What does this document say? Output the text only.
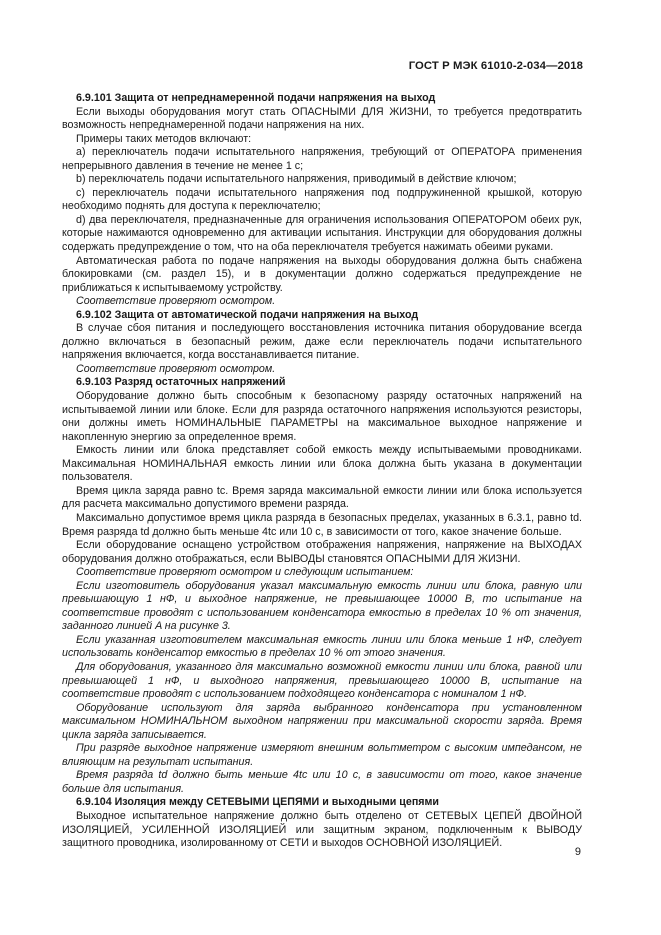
ГОСТ Р МЭК 61010-2-034—2018

6.9.101 Защита от непреднамеренной подачи напряжения на выход

Если выходы оборудования могут стать ОПАСНЫМИ ДЛЯ ЖИЗНИ, то требуется предотвратить возможность непреднамеренной подачи напряжения на них.

Примеры таких методов включают:

а) переключатель подачи испытательного напряжения, требующий от ОПЕРАТОРА применения непрерывного давления в течение не менее 1 с;

b) переключатель подачи испытательного напряжения, приводимый в действие ключом;

с) переключатель подачи испытательного напряжения под подпружиненной крышкой, которую необходимо поднять для доступа к переключателю;

d) два переключателя, предназначенные для ограничения использования ОПЕРАТОРОМ обеих рук, которые нажимаются одновременно для активации испытания. Инструкции для оборудования должны содержать предупреждение о том, что на оба переключателя требуется нажимать обеими руками.

Автоматическая работа по подаче напряжения на выходы оборудования должна быть снабжена блокировками (см. раздел 15), и в документации должно содержаться предупреждение не приближаться к испытываемому устройству.

Соответствие проверяют осмотром.

6.9.102 Защита от автоматической подачи напряжения на выход

В случае сбоя питания и последующего восстановления источника питания оборудование всегда должно включаться в безопасный режим, даже если переключатель подачи испытательного напряжения включается, когда восстанавливается питание.

Соответствие проверяют осмотром.

6.9.103 Разряд остаточных напряжений

Оборудование должно быть способным к безопасному разряду остаточных напряжений на испытываемой линии или блоке. Если для разряда остаточного напряжения используются резисторы, они должны иметь НОМИНАЛЬНЫЕ ПАРАМЕТРЫ на максимальное выходное напряжение и накопленную энергию за определенное время.

Емкость линии или блока представляет собой емкость между испытываемыми проводниками. Максимальная НОМИНАЛЬНАЯ емкость линии или блока должна быть указана в документации пользователя.

Время цикла заряда равно tc. Время заряда максимальной емкости линии или блока используется для расчета максимально допустимого времени разряда.

Максимально допустимое время цикла разряда в безопасных пределах, указанных в 6.3.1, равно td. Время разряда td должно быть меньше 4tc или 10 с, в зависимости от того, какое значение больше.

Если оборудование оснащено устройством отображения напряжения, напряжение на ВЫХОДАХ оборудования должно отображаться, если ВЫВОДЫ становятся ОПАСНЫМИ ДЛЯ ЖИЗНИ.

Соответствие проверяют осмотром и следующим испытанием:

Если изготовитель оборудования указал максимальную емкость линии или блока, равную или превышающую 1 нФ, и выходное напряжение, не превышающее 10000 В, то испытание на соответствие проводят с использованием конденсатора емкостью в пределах 10 % от значения, заданного линией A на рисунке 3.

Если указанная изготовителем максимальная емкость линии или блока меньше 1 нФ, следует использовать конденсатор емкостью в пределах 10 % от этого значения.

Для оборудования, указанного для максимально возможной емкости линии или блока, равной или превышающей 1 нФ, и выходного напряжения, превышающего 10000 В, испытание на соответствие проводят с использованием подходящего конденсатора с номиналом 1 нФ.

Оборудование используют для заряда выбранного конденсатора при установленном максимальном НОМИНАЛЬНОМ выходном напряжении при максимальной скорости заряда. Время цикла заряда записывается.

При разряде выходное напряжение измеряют внешним вольтметром с высоким импедансом, не влияющим на результат испытания.

Время разряда td должно быть меньше 4tc или 10 с, в зависимости от того, какое значение больше для испытания.

6.9.104 Изоляция между СЕТЕВЫМИ ЦЕПЯМИ и выходными цепями

Выходное испытательное напряжение должно быть отделено от СЕТЕВЫХ ЦЕПЕЙ ДВОЙНОЙ ИЗОЛЯЦИЕЙ, УСИЛЕННОЙ ИЗОЛЯЦИЕЙ или защитным экраном, подключенным к ВЫВОДУ защитного проводника, изолированному от СЕТИ и выходов ОСНОВНОЙ ИЗОЛЯЦИЕЙ.

9
